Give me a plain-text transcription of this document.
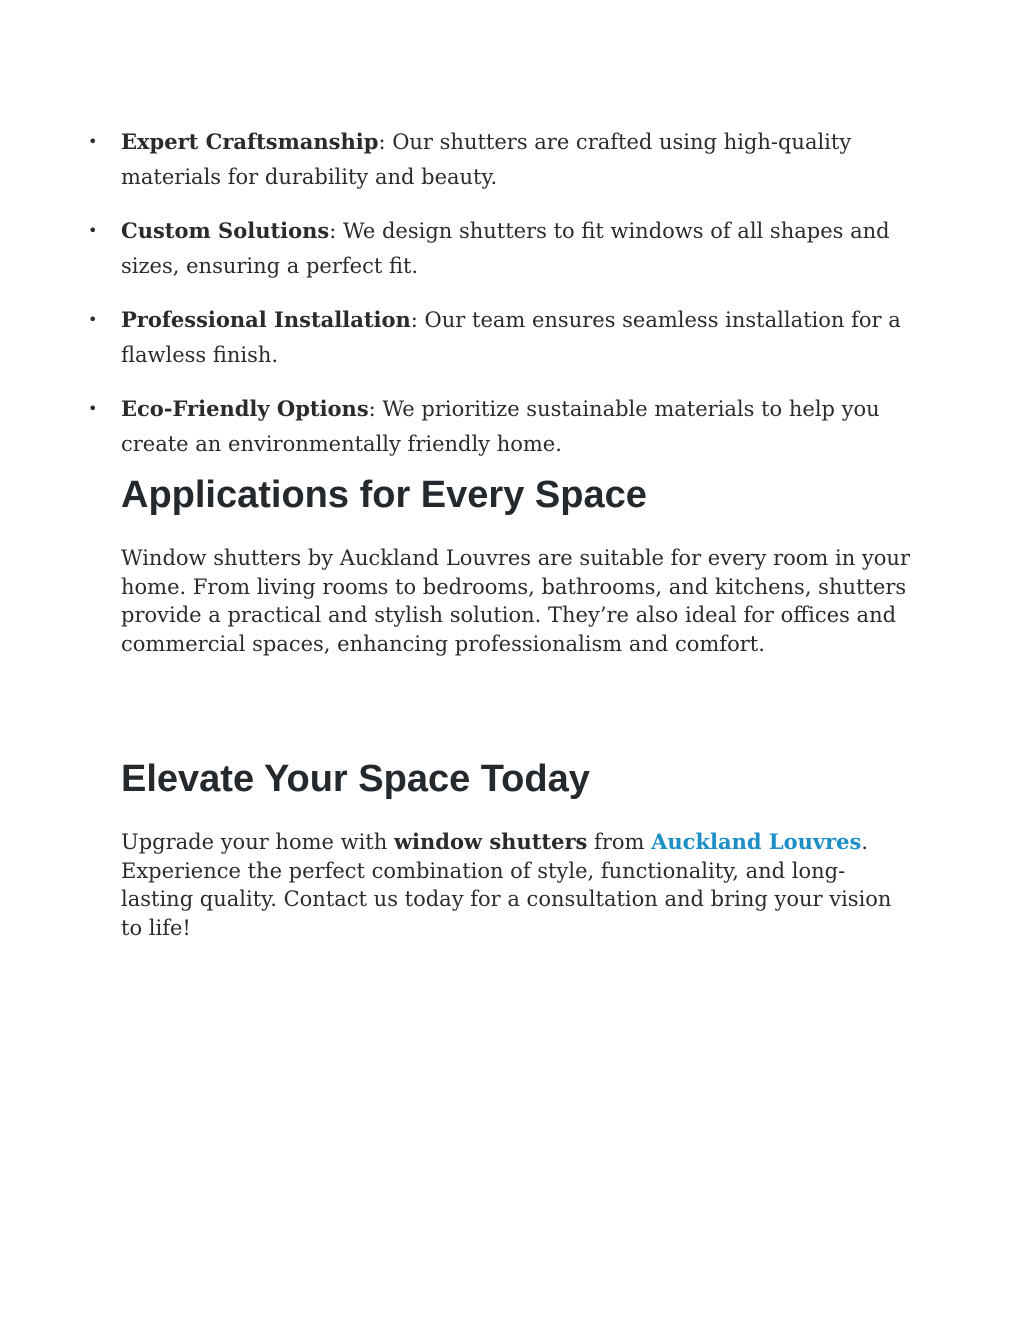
• Expert Craftsmanship: Our shutters are crafted using high-quality materials for durability and beauty.
• Custom Solutions: We design shutters to fit windows of all shapes and sizes, ensuring a perfect fit.
• Professional Installation: Our team ensures seamless installation for a flawless finish.
• Eco-Friendly Options: We prioritize sustainable materials to help you create an environmentally friendly home.
Applications for Every Space

Window shutters by Auckland Louvres are suitable for every room in your home. From living rooms to bedrooms, bathrooms, and kitchens, shutters provide a practical and stylish solution. They’re also ideal for offices and commercial spaces, enhancing professionalism and comfort.

Elevate Your Space Today

Upgrade your home with window shutters from Auckland Louvres. Experience the perfect combination of style, functionality, and long-lasting quality. Contact us today for a consultation and bring your vision to life!
